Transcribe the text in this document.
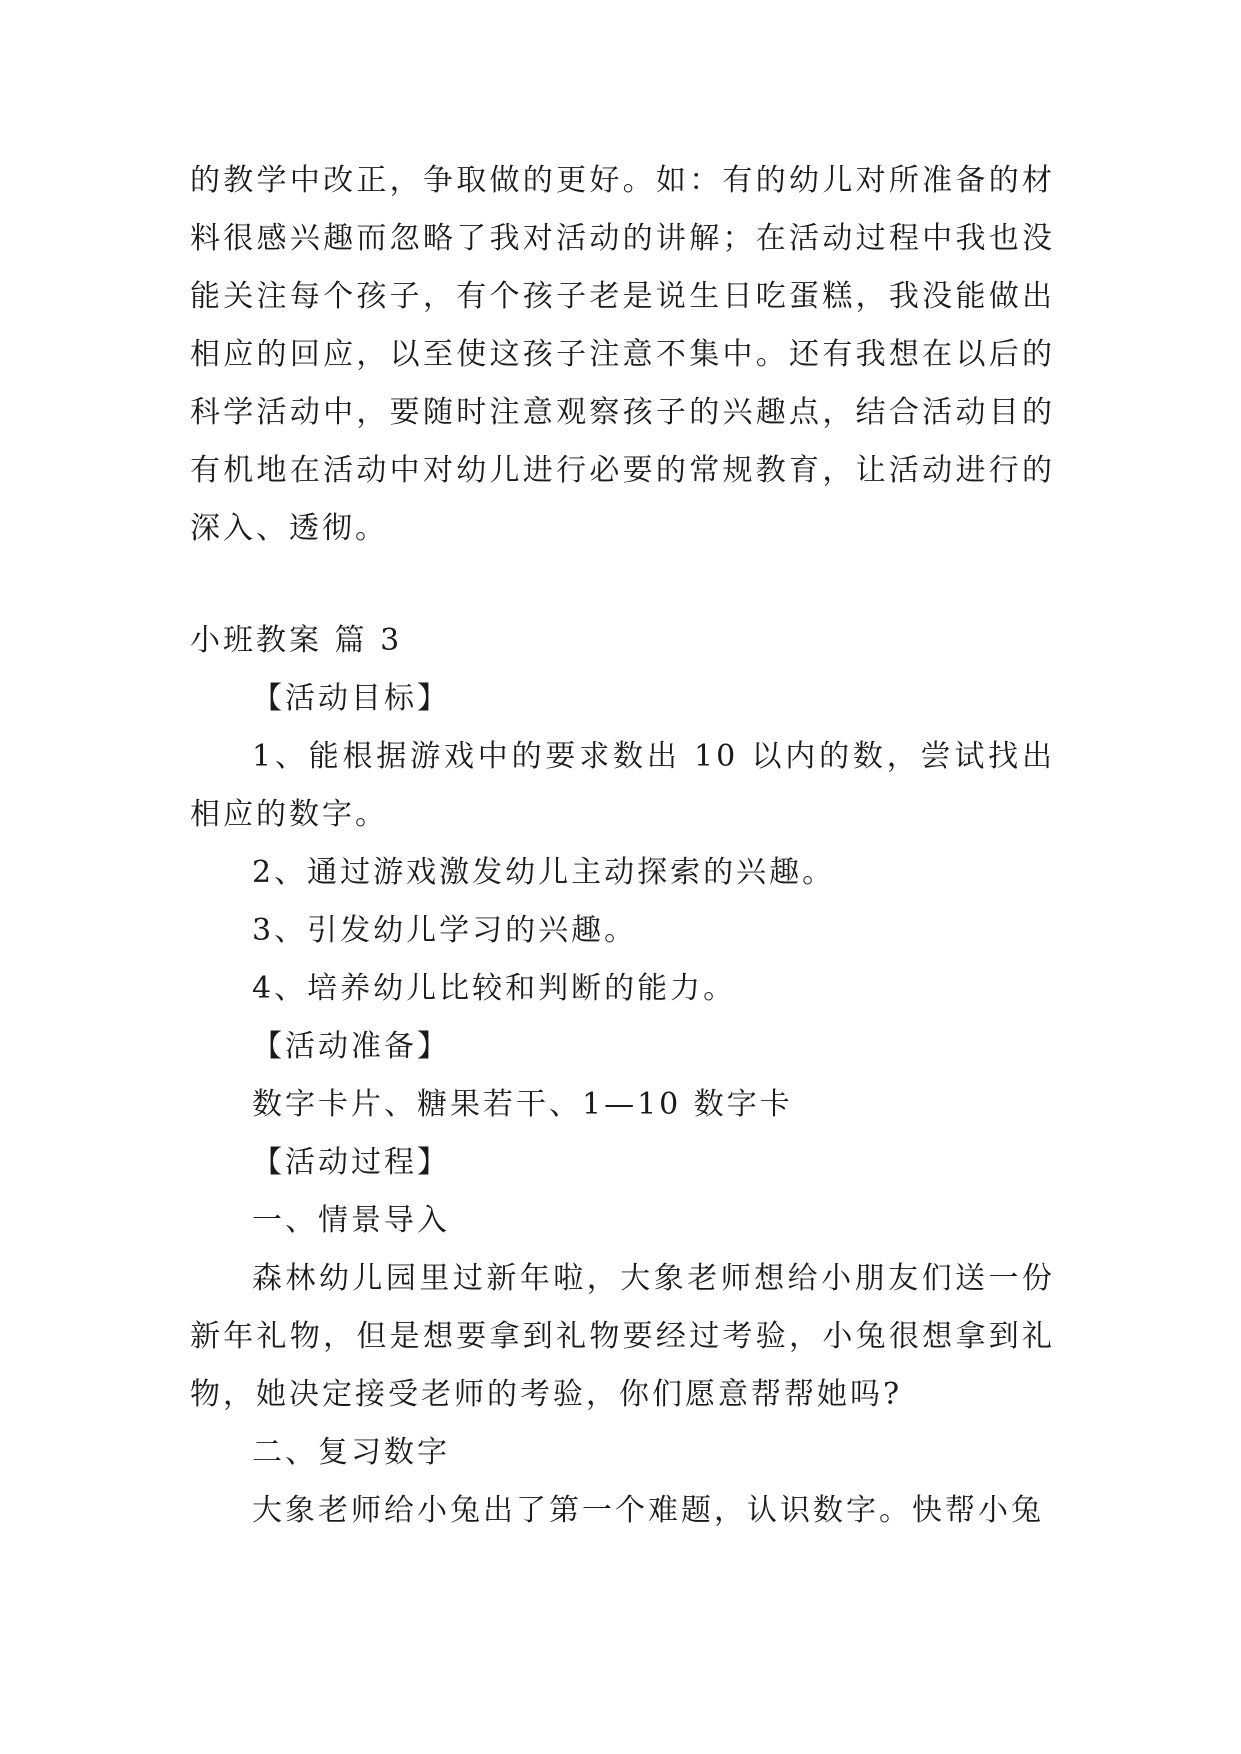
的教学中改正，争取做的更好。如：有的幼儿对所准备的材料很感兴趣而忽略了我对活动的讲解；在活动过程中我也没能关注每个孩子，有个孩子老是说生日吃蛋糕，我没能做出相应的回应，以至使这孩子注意不集中。还有我想在以后的科学活动中，要随时注意观察孩子的兴趣点，结合活动目的有机地在活动中对幼儿进行必要的常规教育，让活动进行的深入、透彻。

小班教案 篇 3

【活动目标】

1、能根据游戏中的要求数出 10 以内的数，尝试找出相应的数字。

2、通过游戏激发幼儿主动探索的兴趣。

3、引发幼儿学习的兴趣。

4、培养幼儿比较和判断的能力。

【活动准备】

数字卡片、糖果若干、1—10 数字卡

【活动过程】

一、情景导入

森林幼儿园里过新年啦，大象老师想给小朋友们送一份新年礼物，但是想要拿到礼物要经过考验，小兔很想拿到礼物，她决定接受老师的考验，你们愿意帮帮她吗?

二、复习数字

大象老师给小兔出了第一个难题，认识数字。快帮小兔
